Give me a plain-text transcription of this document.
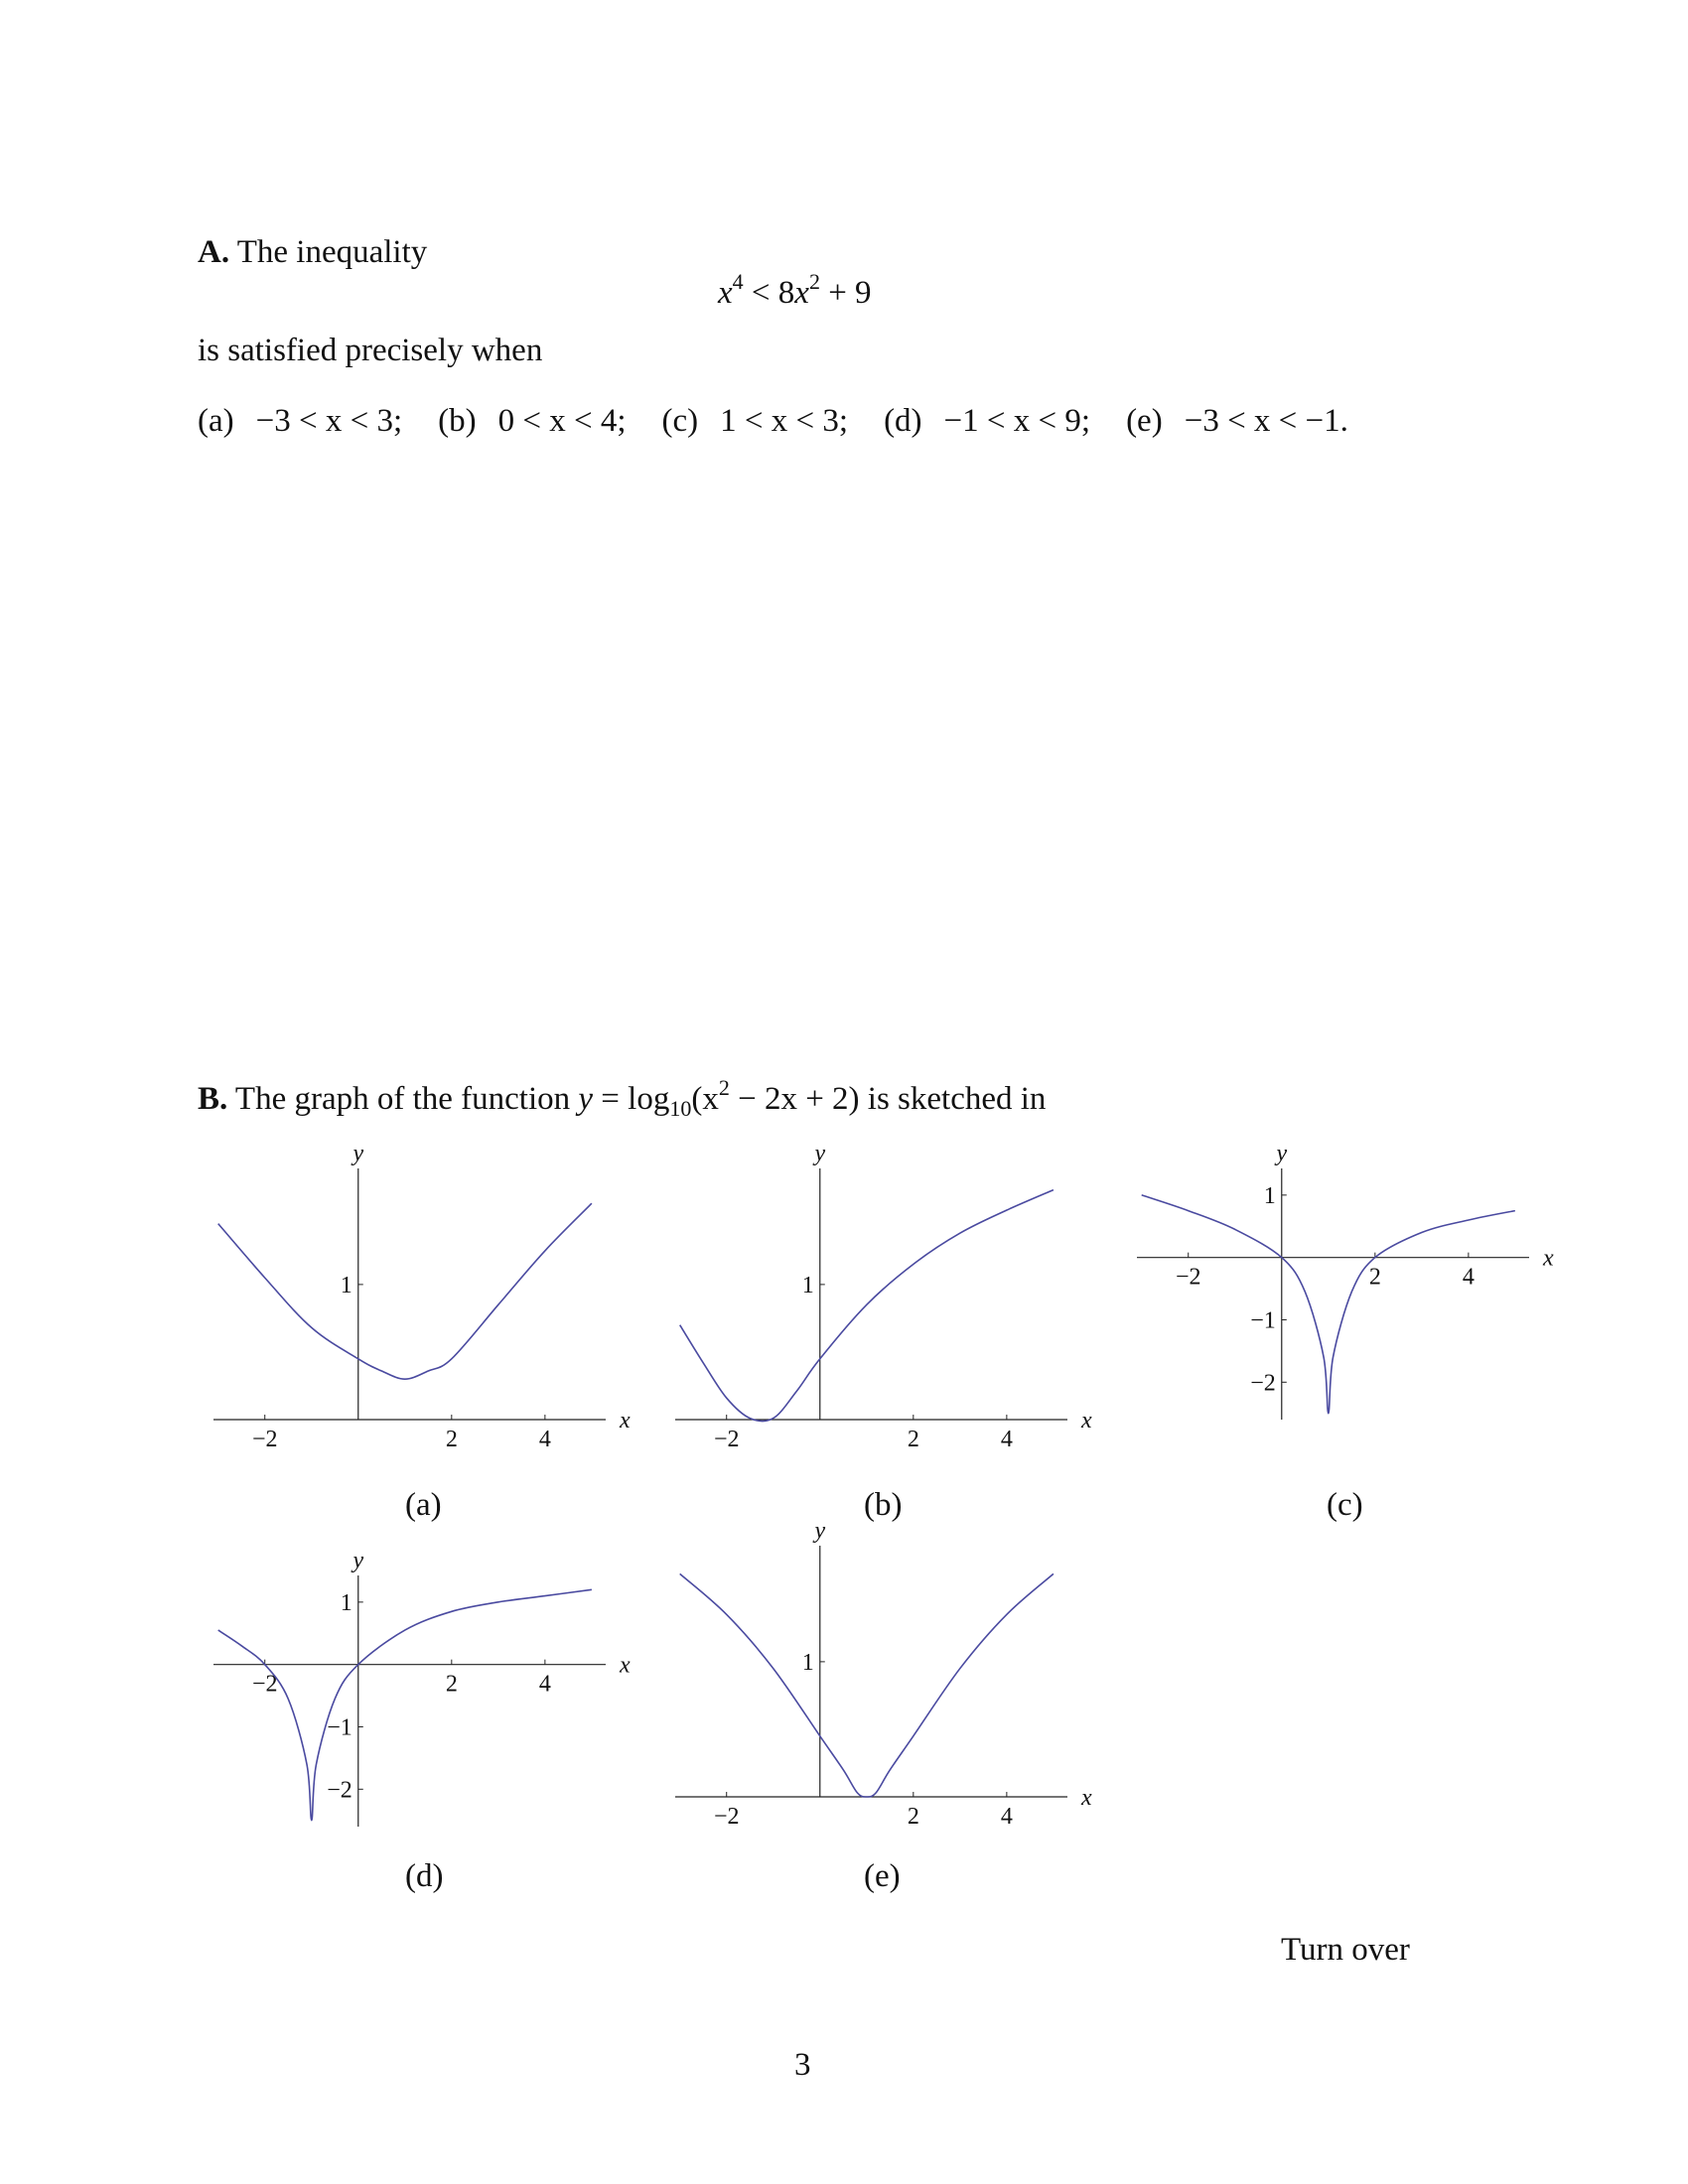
A. The inequality
$x^4 < 8x^2 + 9$
is satisfied precisely when
(a) −3 < x < 3; (b) 0 < x < 4; (c) 1 < x < 3; (d) −1 < x < 9; (e) −3 < x < −1.
B. The graph of the function $y = \log_{10}(x^2 - 2x + 2)$ is sketched in
−2	2	4
1
x
y
−2	2	4
1
x
y
−2	2	4
1
−1
−2
x
y
−2	2	4
1
−1
−2
x
y
−2	2	4
1
x
y
(a)	(b)	(c)
(d)	(e)
Turn over
3
